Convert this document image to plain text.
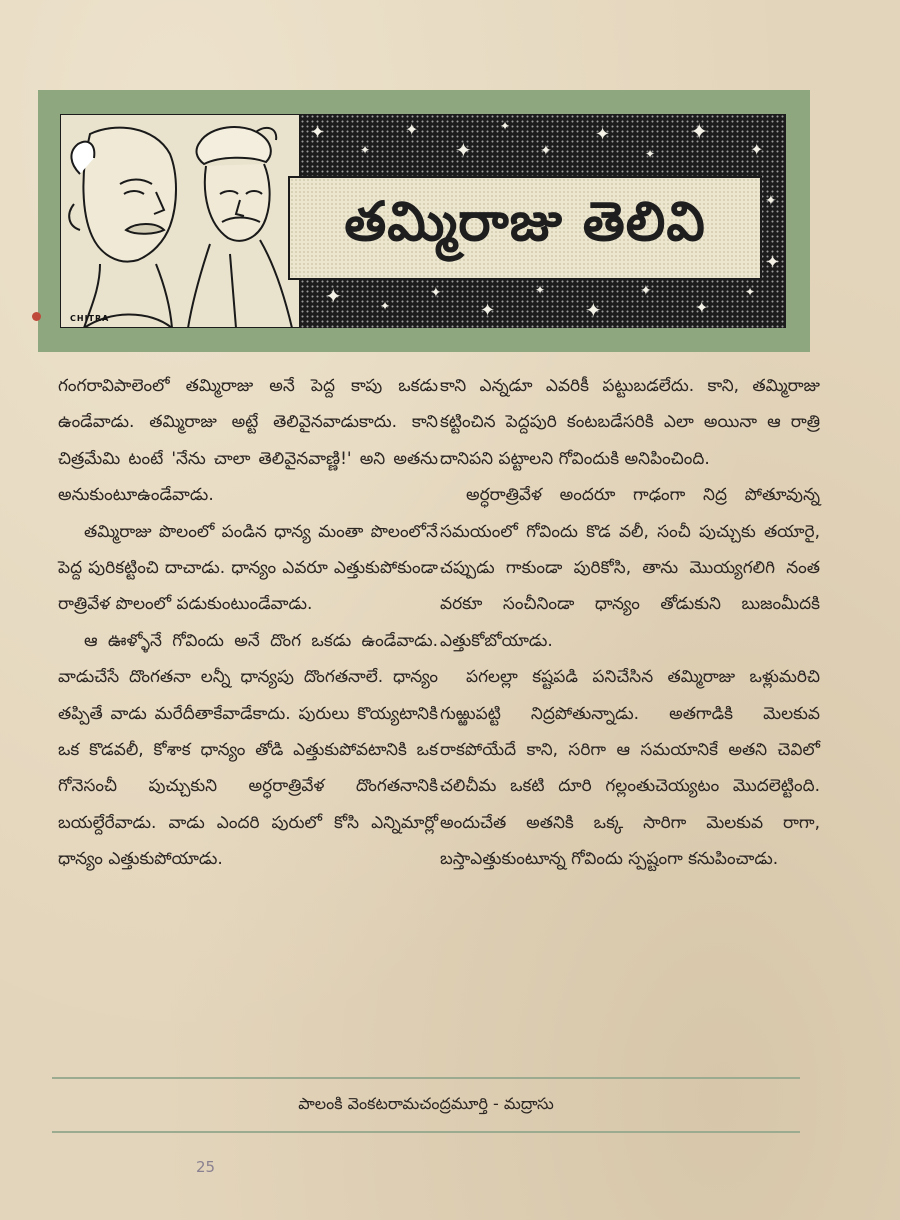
✦
✦
✦
✦
✦
✦
✦
✦
✦
✦
✦
✦
✦	✦
✦
✦
✦
✦
✦
✦
✦
CHITRA
తమ్మిరాజు తెలివి

గంగరావిపాలెంలో తమ్మిరాజు అనే పెద్ద కాపు ఒకడు ఉండేవాడు. తమ్మిరాజు అట్టే తెలివైనవాడుకాదు. కాని చిత్రమేమి టంటే 'నేను చాలా తెలివైనవాణ్ణి!' అని అతను అనుకుంటూఉండేవాడు.

తమ్మిరాజు పొలంలో పండిన ధాన్య మంతా పొలంలోనే పెద్ద పురికట్టించి దాచాడు. ధాన్యం ఎవరూ ఎత్తుకుపోకుండా రాత్రివేళ పొలంలో పడుకుంటుండేవాడు.

ఆ ఊళ్ళోనే గోవిందు అనే దొంగ ఒకడు ఉండేవాడు. వాడుచేసే దొంగతనా లన్నీ ధాన్యపు దొంగతనాలే. ధాన్యం తప్పితే వాడు మరేదీతాకేవాడేకాదు. పురులు కొయ్యటానికి ఒక కొడవలీ, కోశాక ధాన్యం తోడి ఎత్తుకుపోవటానికి ఒక గోనెసంచీ పుచ్చుకుని అర్ధరాత్రివేళ దొంగతనానికి బయల్దేరేవాడు. వాడు ఎందరి పురులో కోసి ఎన్నిమార్లో ధాన్యం ఎత్తుకుపోయాడు.

కాని ఎన్నడూ ఎవరికీ పట్టుబడలేదు. కాని, తమ్మిరాజు కట్టించిన పెద్దపురి కంటబడేసరికి ఎలా అయినా ఆ రాత్రి దానిపని పట్టాలని గోవిందుకి అనిపించింది.

అర్ధరాత్రివేళ అందరూ గాఢంగా నిద్ర పోతూవున్న సమయంలో గోవిందు కొడ వలీ, సంచీ పుచ్చుకు తయారై, చప్పుడు గాకుండా పురికోసి, తాను మొయ్యగలిగి నంత వరకూ సంచీనిండా ధాన్యం తోడుకుని బుజంమీదకి ఎత్తుకోబోయాడు.

పగలల్లా కష్టపడి పనిచేసిన తమ్మిరాజు ఒళ్లుమరిచి గుఱ్ఱుపట్టి నిద్రపోతున్నాడు. అతగాడికి మెలకువ రాకపోయేదే కాని, సరిగా ఆ సమయానికే అతని చెవిలో చలిచీమ ఒకటి దూరి గల్లంతుచెయ్యటం మొదలెట్టింది. అందుచేత అతనికి ఒక్క సారిగా మెలకువ రాగా, బస్తాఎత్తుకుంటూన్న గోవిందు స్పష్టంగా కనుపించాడు.

పాలంకి వెంకటరామచంద్రమూర్తి - మద్రాసు
25
